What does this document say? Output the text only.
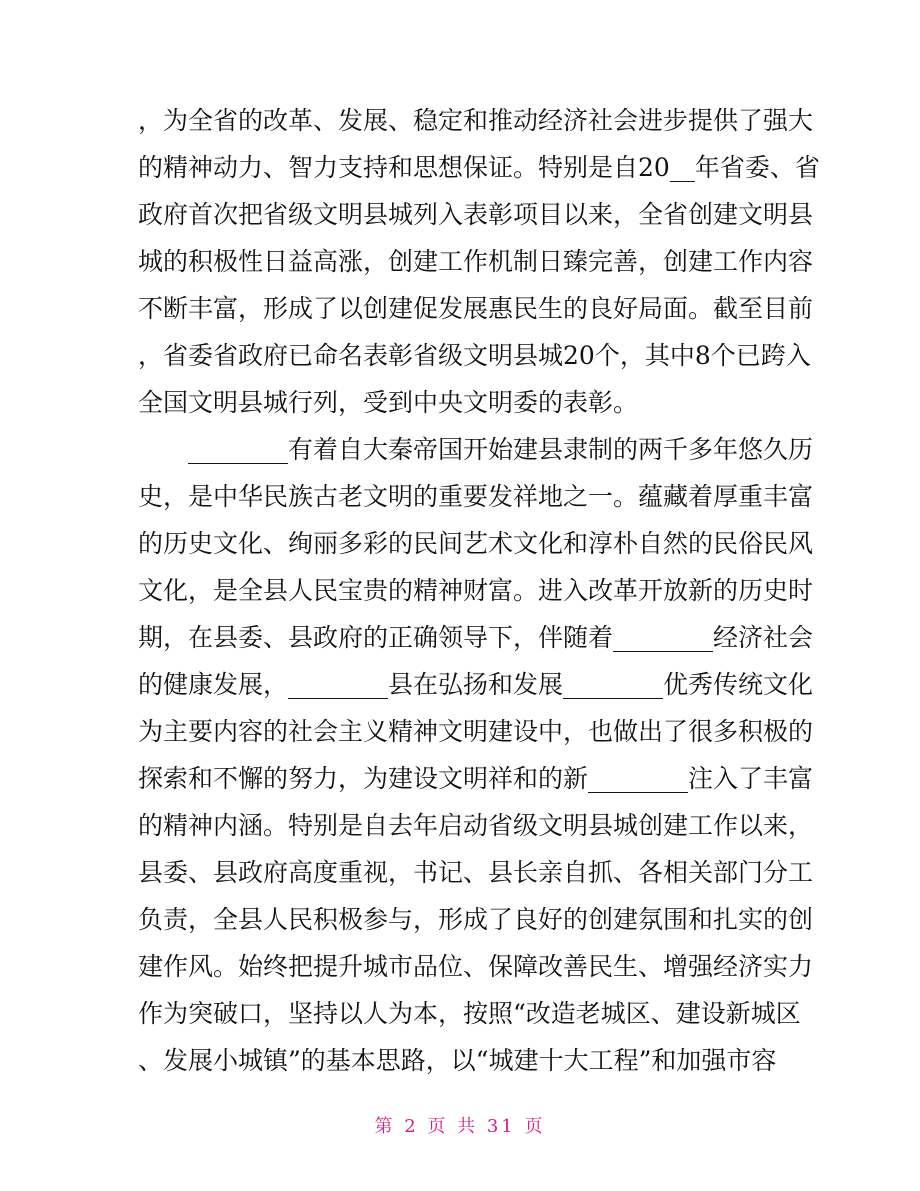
，为全省的改革、发展、稳定和推动经济社会进步提供了强大
的精神动力、智力支持和思想保证。特别是自20__年省委、省
政府首次把省级文明县城列入表彰项目以来，全省创建文明县
城的积极性日益高涨，创建工作机制日臻完善，创建工作内容
不断丰富，形成了以创建促发展惠民生的良好局面。截至目前
，省委省政府已命名表彰省级文明县城20个，其中8个已跨入
全国文明县城行列，受到中央文明委的表彰。
　　________有着自大秦帝国开始建县隶制的两千多年悠久历
史，是中华民族古老文明的重要发祥地之一。蕴藏着厚重丰富
的历史文化、绚丽多彩的民间艺术文化和淳朴自然的民俗民风
文化，是全县人民宝贵的精神财富。进入改革开放新的历史时
期，在县委、县政府的正确领导下，伴随着________经济社会
的健康发展，________县在弘扬和发展________优秀传统文化
为主要内容的社会主义精神文明建设中，也做出了很多积极的
探索和不懈的努力，为建设文明祥和的新________注入了丰富
的精神内涵。特别是自去年启动省级文明县城创建工作以来，
县委、县政府高度重视，书记、县长亲自抓、各相关部门分工
负责，全县人民积极参与，形成了良好的创建氛围和扎实的创
建作风。始终把提升城市品位、保障改善民生、增强经济实力
作为突破口，坚持以人为本，按照“改造老城区、建设新城区
、发展小城镇”的基本思路，以“城建十大工程”和加强市容
第 2 页 共 31 页
